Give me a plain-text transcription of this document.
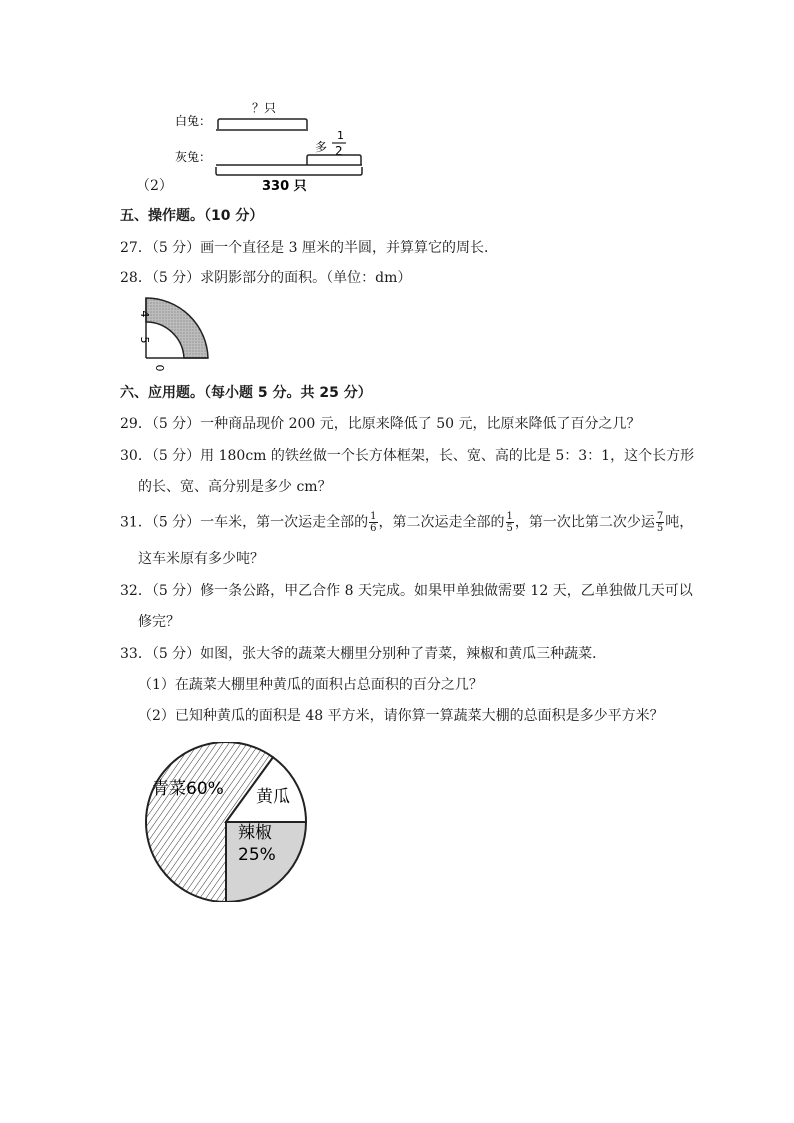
白兔：
？只
灰兔：
多
1
2
330 只
（2）
五、操作题。（10 分）
27．（5 分）画一个直径是 3 厘米的半圆，并算算它的周长．
28．（5 分）求阴影部分的面积。（单位：dm）
4
5
0
六、应用题。（每小题 5 分。共 25 分）
29．（5 分）一种商品现价 200 元，比原来降低了 50 元，比原来降低了百分之几？
30．（5 分）用 180cm 的铁丝做一个长方体框架，长、宽、高的比是 5：3：1，这个长方形
的长、宽、高分别是多少 cm？
31．（5 分）一车米，第一次运走全部的 $\frac{1}{6}$ ，第二次运走全部的 $\frac{1}{5}$ ，第一次比第二次少运 $\frac{7}{5}$ 吨，
这车米原有多少吨？
32．（5 分）修一条公路，甲乙合作 8 天完成。如果甲单独做需要 12 天，乙单独做几天可以
修完？
33．（5 分）如图，张大爷的蔬菜大棚里分别种了青菜，辣椒和黄瓜三种蔬菜．
（1）在蔬菜大棚里种黄瓜的面积占总面积的百分之几？
（2）已知种黄瓜的面积是 48 平方米，请你算一算蔬菜大棚的总面积是多少平方米？
青菜60% 黄瓜
辣椒
25%
